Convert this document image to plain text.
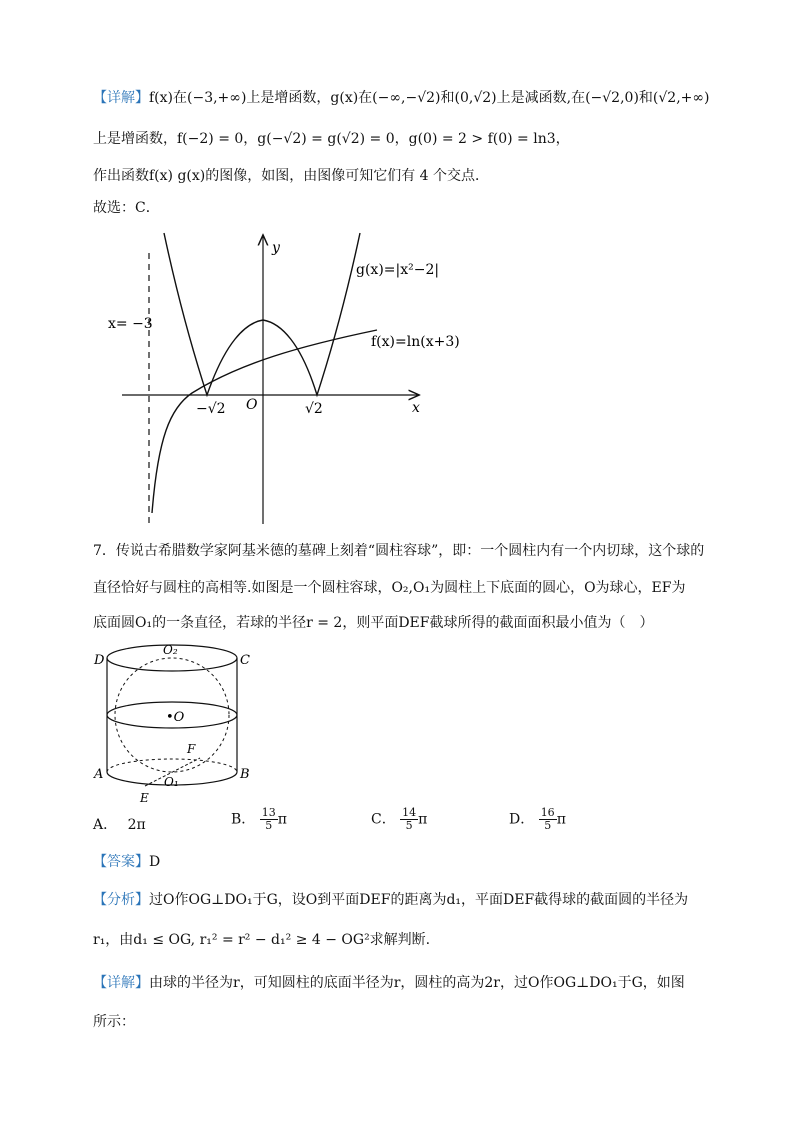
【详解】f(x)在(−3,+∞)上是增函数，g(x)在(−∞,−√2)和(0,√2)上是减函数,在(−√2,0)和(√2,+∞)
上是增函数，f(−2) = 0，g(−√2) = g(√2) = 0，g(0) = 2 > f(0) = ln3，
作出函数f(x) g(x)的图像，如图，由图像可知它们有 4 个交点．
故选：C．
y
x
O
x= −3
g(x)=|x²−2|
f(x)=ln(x+3)
−√2	√2
7．传说古希腊数学家阿基米德的墓碑上刻着“圆柱容球”，即：一个圆柱内有一个内切球，这个球的
直径恰好与圆柱的高相等.如图是一个圆柱容球，O₂,O₁为圆柱上下底面的圆心，O为球心，EF为
底面圆O₁的一条直径，若球的半径r = 2，则平面DEF截球所得的截面面积最小值为（　）
D	C
O₂
•O
F
A	B
O₁
E
A． 2π	B． $\frac{13}{5}$ π	C． $\frac{14}{5}$ π	D． $\frac{16}{5}$ π
【答案】D
【分析】过O作OG⊥DO₁于G，设O到平面DEF的距离为d₁，平面DEF截得球的截面圆的半径为
r₁，由d₁ ≤ OG, r₁² = r² − d₁² ≥ 4 − OG²求解判断.
【详解】由球的半径为r，可知圆柱的底面半径为r，圆柱的高为2r，过O作OG⊥DO₁于G，如图
所示：
